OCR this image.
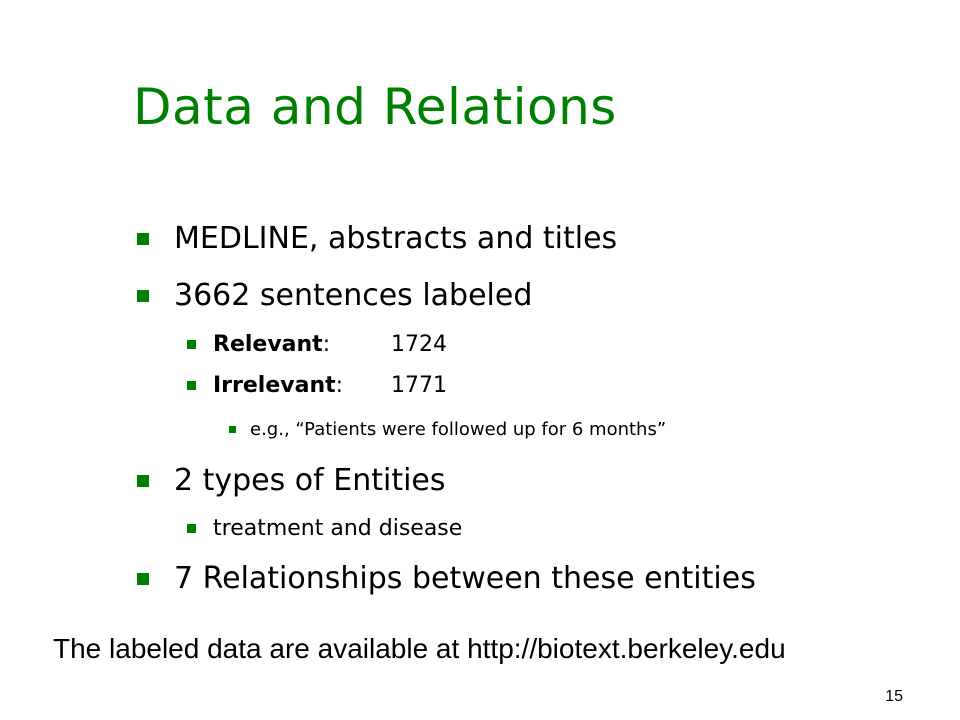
Data and Relations
MEDLINE, abstracts and titles
3662 sentences labeled
Relevant :	1724
Irrelevant : 1771
e.g., “Patients were followed up for 6 months”
2 types of Entities
treatment and disease
7 Relationships between these entities
The labeled data are available at http://biotext.berkeley.edu
15
